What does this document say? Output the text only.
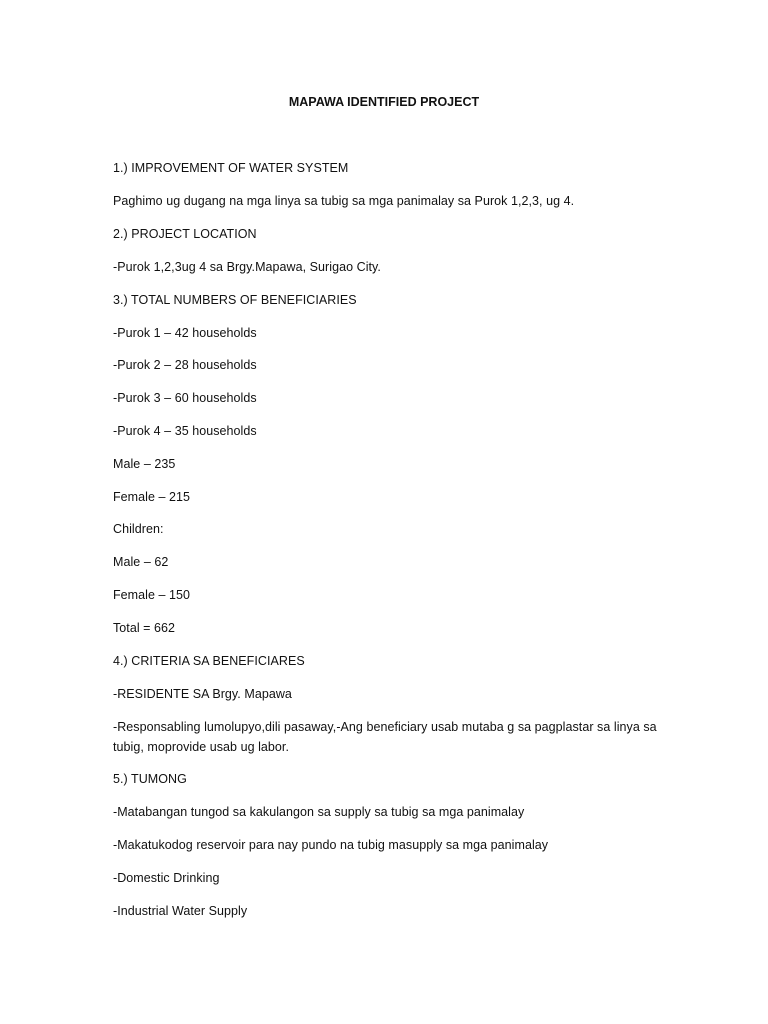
MAPAWA IDENTIFIED PROJECT
1.) IMPROVEMENT OF WATER SYSTEM
Paghimo ug dugang na mga linya sa tubig sa mga panimalay sa Purok 1,2,3, ug 4.
2.) PROJECT LOCATION
-Purok 1,2,3ug 4 sa Brgy.Mapawa, Surigao City.
3.) TOTAL NUMBERS OF BENEFICIARIES
-Purok 1 – 42 households
-Purok 2 – 28 households
-Purok 3 – 60 households
-Purok 4 – 35 households
Male – 235
Female – 215
Children:
Male – 62
Female – 150
Total = 662
4.) CRITERIA SA BENEFICIARES
-RESIDENTE SA Brgy. Mapawa
-Responsabling lumolupyo,dili pasaway,-Ang beneficiary usab mutaba g sa pagplastar sa linya sa
tubig, moprovide usab ug labor.
5.) TUMONG
-Matabangan tungod sa kakulangon sa supply sa tubig sa mga panimalay
-Makatukodog reservoir para nay pundo na tubig masupply sa mga panimalay
-Domestic Drinking
-Industrial Water Supply
